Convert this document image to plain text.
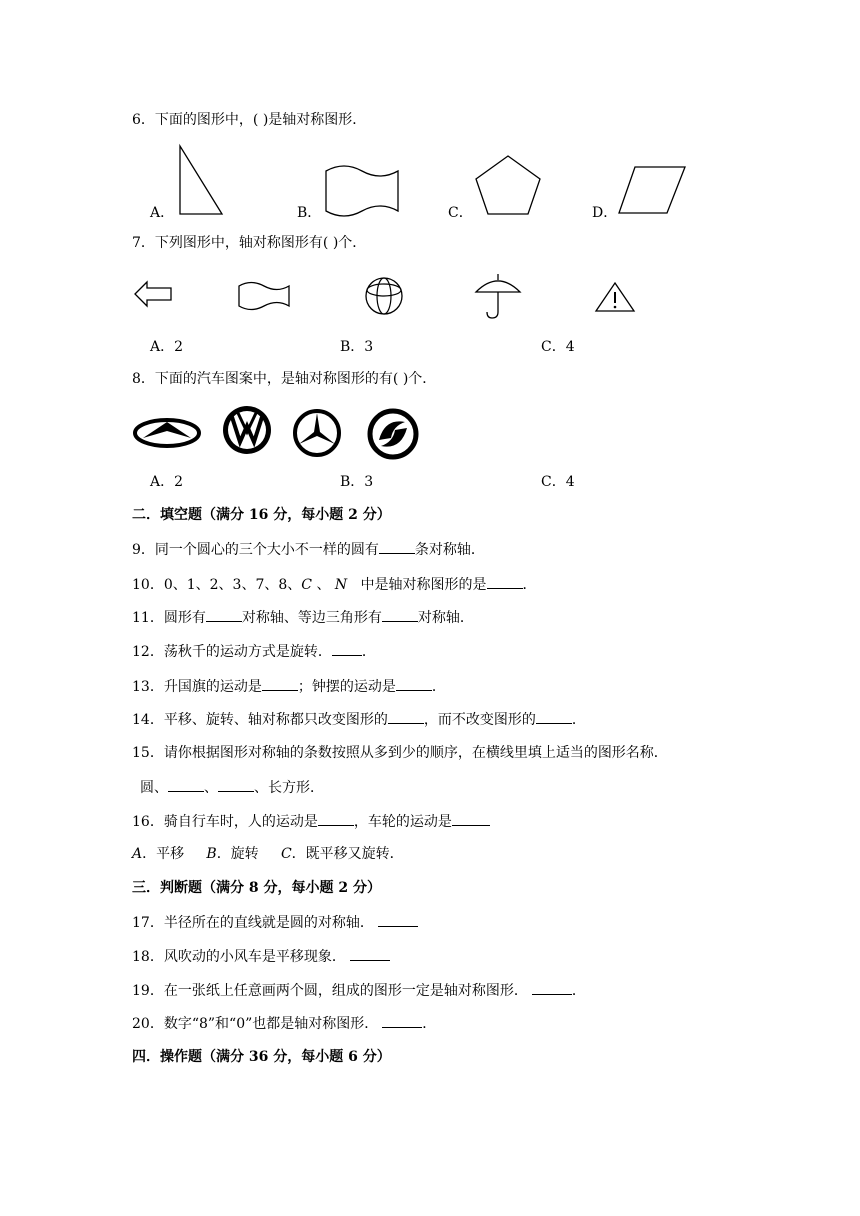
6．下面的图形中，( )是轴对称图形．
A．	B．	C．	D．
7．下列图形中，轴对称图形有( )个．
A．2	B．3	C．4
8．下面的汽车图案中，是轴对称图形的有( )个．
A．2	B．3	C．4
二．填空题（满分 16 分，每小题 2 分）
9．同一个圆心的三个大小不一样的圆有	条对称轴．
10．0、1、2、3、7、8、C 、 N 中是轴对称图形的是	．
11．圆形有	对称轴、等边三角形有	对称轴．
12．荡秋千的运动方式是旋转． ．
13．升国旗的运动是	；钟摆的运动是	．
14．平移、旋转、轴对称都只改变图形的	，而不改变图形的	．
15．请你根据图形对称轴的条数按照从多到少的顺序，在横线里填上适当的图形名称．
圆、	、	、长方形．
16．骑自行车时，人的运动是	，车轮的运动是
A．平移 B．旋转 C．既平移又旋转．
三．判断题（满分 8 分，每小题 2 分）
17．半径所在的直线就是圆的对称轴．
18．风吹动的小风车是平移现象．
19．在一张纸上任意画两个圆，组成的图形一定是轴对称图形．	．
20．数字“8”和“0”也都是轴对称图形．	．
四．操作题（满分 36 分，每小题 6 分）
